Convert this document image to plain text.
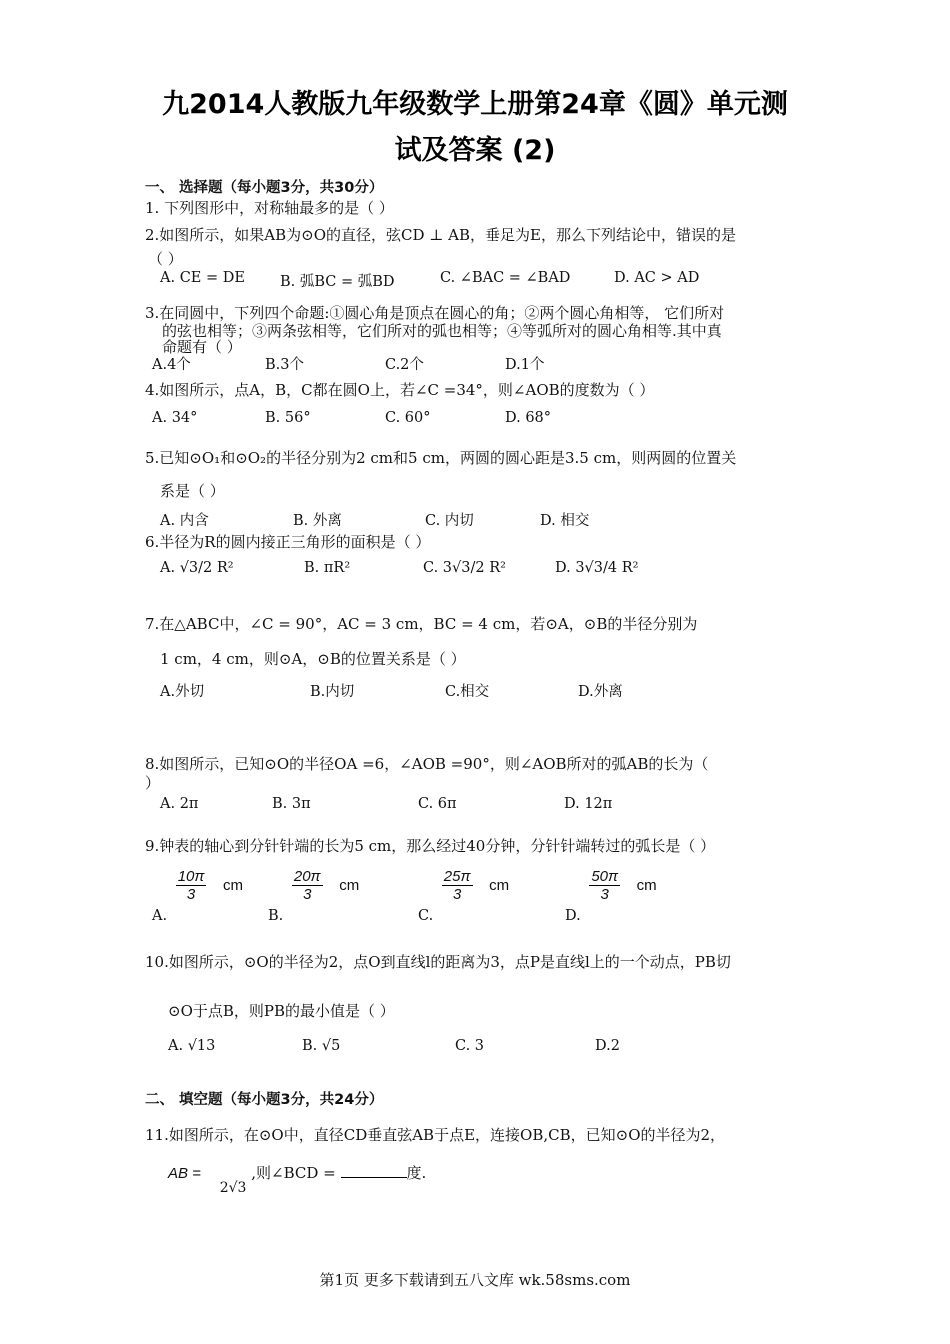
九2014人教版九年级数学上册第24章《圆》单元测
试及答案 (2)
一、 选择题（每小题3分，共30分）
1. 下列图形中，对称轴最多的是（ ）
2.如图所示，如果AB为⊙O的直径，弦CD ⊥ AB，垂足为E，那么下列结论中，错误的是
（ ）
A. CE = DE B. 弧BC = 弧BD	C. ∠BAC = ∠BAD	D. AC > AD
3.在同圆中，下列四个命题:①圆心角是顶点在圆心的角；②两个圆心角相等， 它们所对
的弦也相等；③两条弦相等，它们所对的弧也相等；④等弧所对的圆心角相等.其中真
命题有（ ）
A.4个	B.3个	C.2个	D.1个
4.如图所示，点A，B，C都在圆O上，若∠C =34°，则∠AOB的度数为（ ）
A. 34°	B. 56°	C. 60°	D. 68°
5.已知⊙O₁和⊙O₂的半径分别为2 cm和5 cm，两圆的圆心距是3.5 cm，则两圆的位置关
系是（ ）
A. 内含	B. 外离	C. 内切	D. 相交
6.半径为R的圆内接正三角形的面积是（ ）
A. √3/2 R²	B. πR²	C. 3√3/2 R²	D. 3√3/4 R²
7.在△ABC中，∠C = 90°，AC = 3 cm，BC = 4 cm，若⊙A，⊙B的半径分别为
1 cm，4 cm，则⊙A，⊙B的位置关系是（ ）
A.外切	B.内切	C.相交	D.外离
8.如图所示，已知⊙O的半径OA =6，∠AOB =90°，则∠AOB所对的弧AB的长为（
）
A. 2π	B. 3π	C. 6π	D. 12π
9.钟表的轴心到分针针端的长为5 cm，那么经过40分钟，分针针端转过的弧长是（ ）
A.
$\frac{10\pi}{3}$ cm
B.
$\frac{20\pi}{3}$ cm
C.
$\frac{25\pi}{3}$ cm
D.
$\frac{50\pi}{3}$ cm
10.如图所示，⊙O的半径为2，点O到直线l的距离为3，点P是直线l上的一个动点，PB切
⊙O于点B，则PB的最小值是（ ）
A. √13	B. √5	C. 3	D.2
二、 填空题（每小题3分，共24分）
11.如图所示，在⊙O中，直径CD垂直弦AB于点E，连接OB,CB，已知⊙O的半径为2，
AB = 2√3 ,则∠BCD =	度.
第1页 更多下载请到五八文库 wk.58sms.com
